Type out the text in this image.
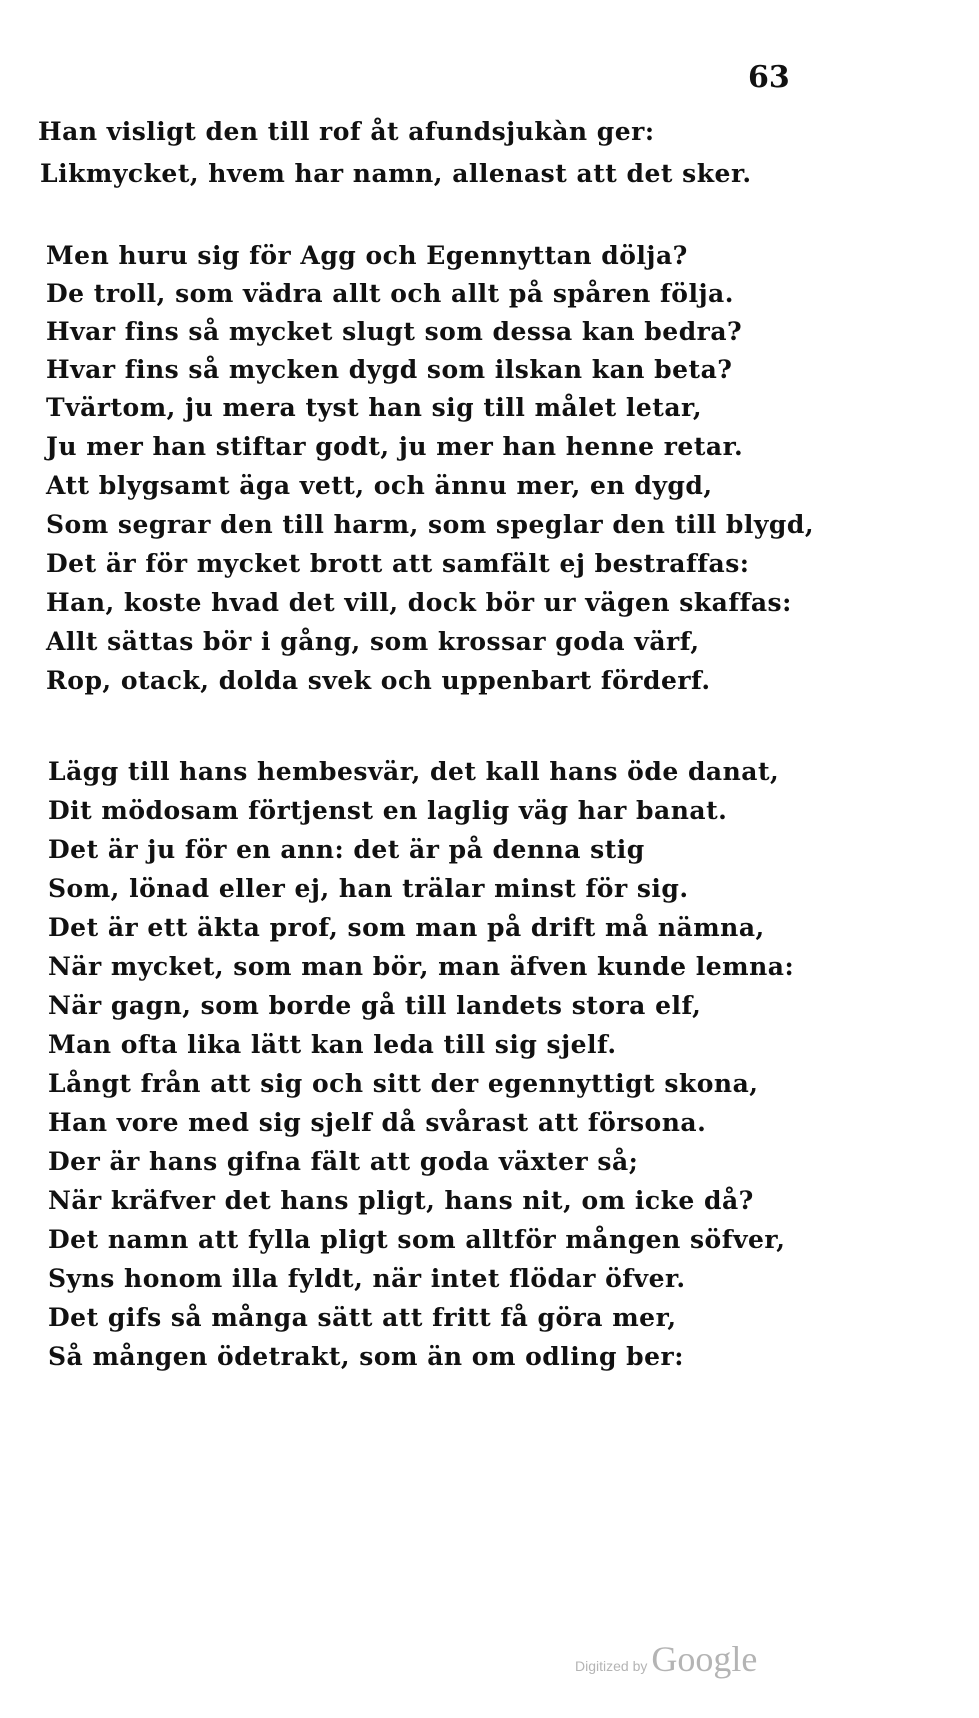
63
Han visligt den till rof åt afundsjukàn ger:
Likmycket, hvem har namn, allenast att det sker.
Men huru sig för Agg och Egennyttan dölja?
De troll, som vädra allt och allt på spåren följa.
Hvar fins så mycket slugt som dessa kan bedra?
Hvar fins så mycken dygd som ilskan kan beta?
Tvärtom, ju mera tyst han sig till målet letar,
Ju mer han stiftar godt, ju mer han henne retar.
Att blygsamt äga vett, och ännu mer, en dygd,
Som segrar den till harm, som speglar den till blygd,
Det är för mycket brott att samfält ej bestraffas:
Han, koste hvad det vill, dock bör ur vägen skaffas:
Allt sättas bör i gång, som krossar goda värf,
Rop, otack, dolda svek och uppenbart förderf.
Lägg till hans hembesvär, det kall hans öde danat,
Dit mödosam förtjenst en laglig väg har banat.
Det är ju för en ann: det är på denna stig
Som, lönad eller ej, han trälar minst för sig.
Det är ett äkta prof, som man på drift må nämna,
När mycket, som man bör, man äfven kunde lemna:
När gagn, som borde gå till landets stora elf,
Man ofta lika lätt kan leda till sig sjelf.
Långt från att sig och sitt der egennyttigt skona,
Han vore med sig sjelf då svårast att försona.
Der är hans gifna fält att goda växter så;
När kräfver det hans pligt, hans nit, om icke då?
Det namn att fylla pligt som alltför mången söfver,
Syns honom illa fyldt, när intet flödar öfver.
Det gifs så många sätt att fritt få göra mer,
Så mången ödetrakt, som än om odling ber:
Digitized by Google
